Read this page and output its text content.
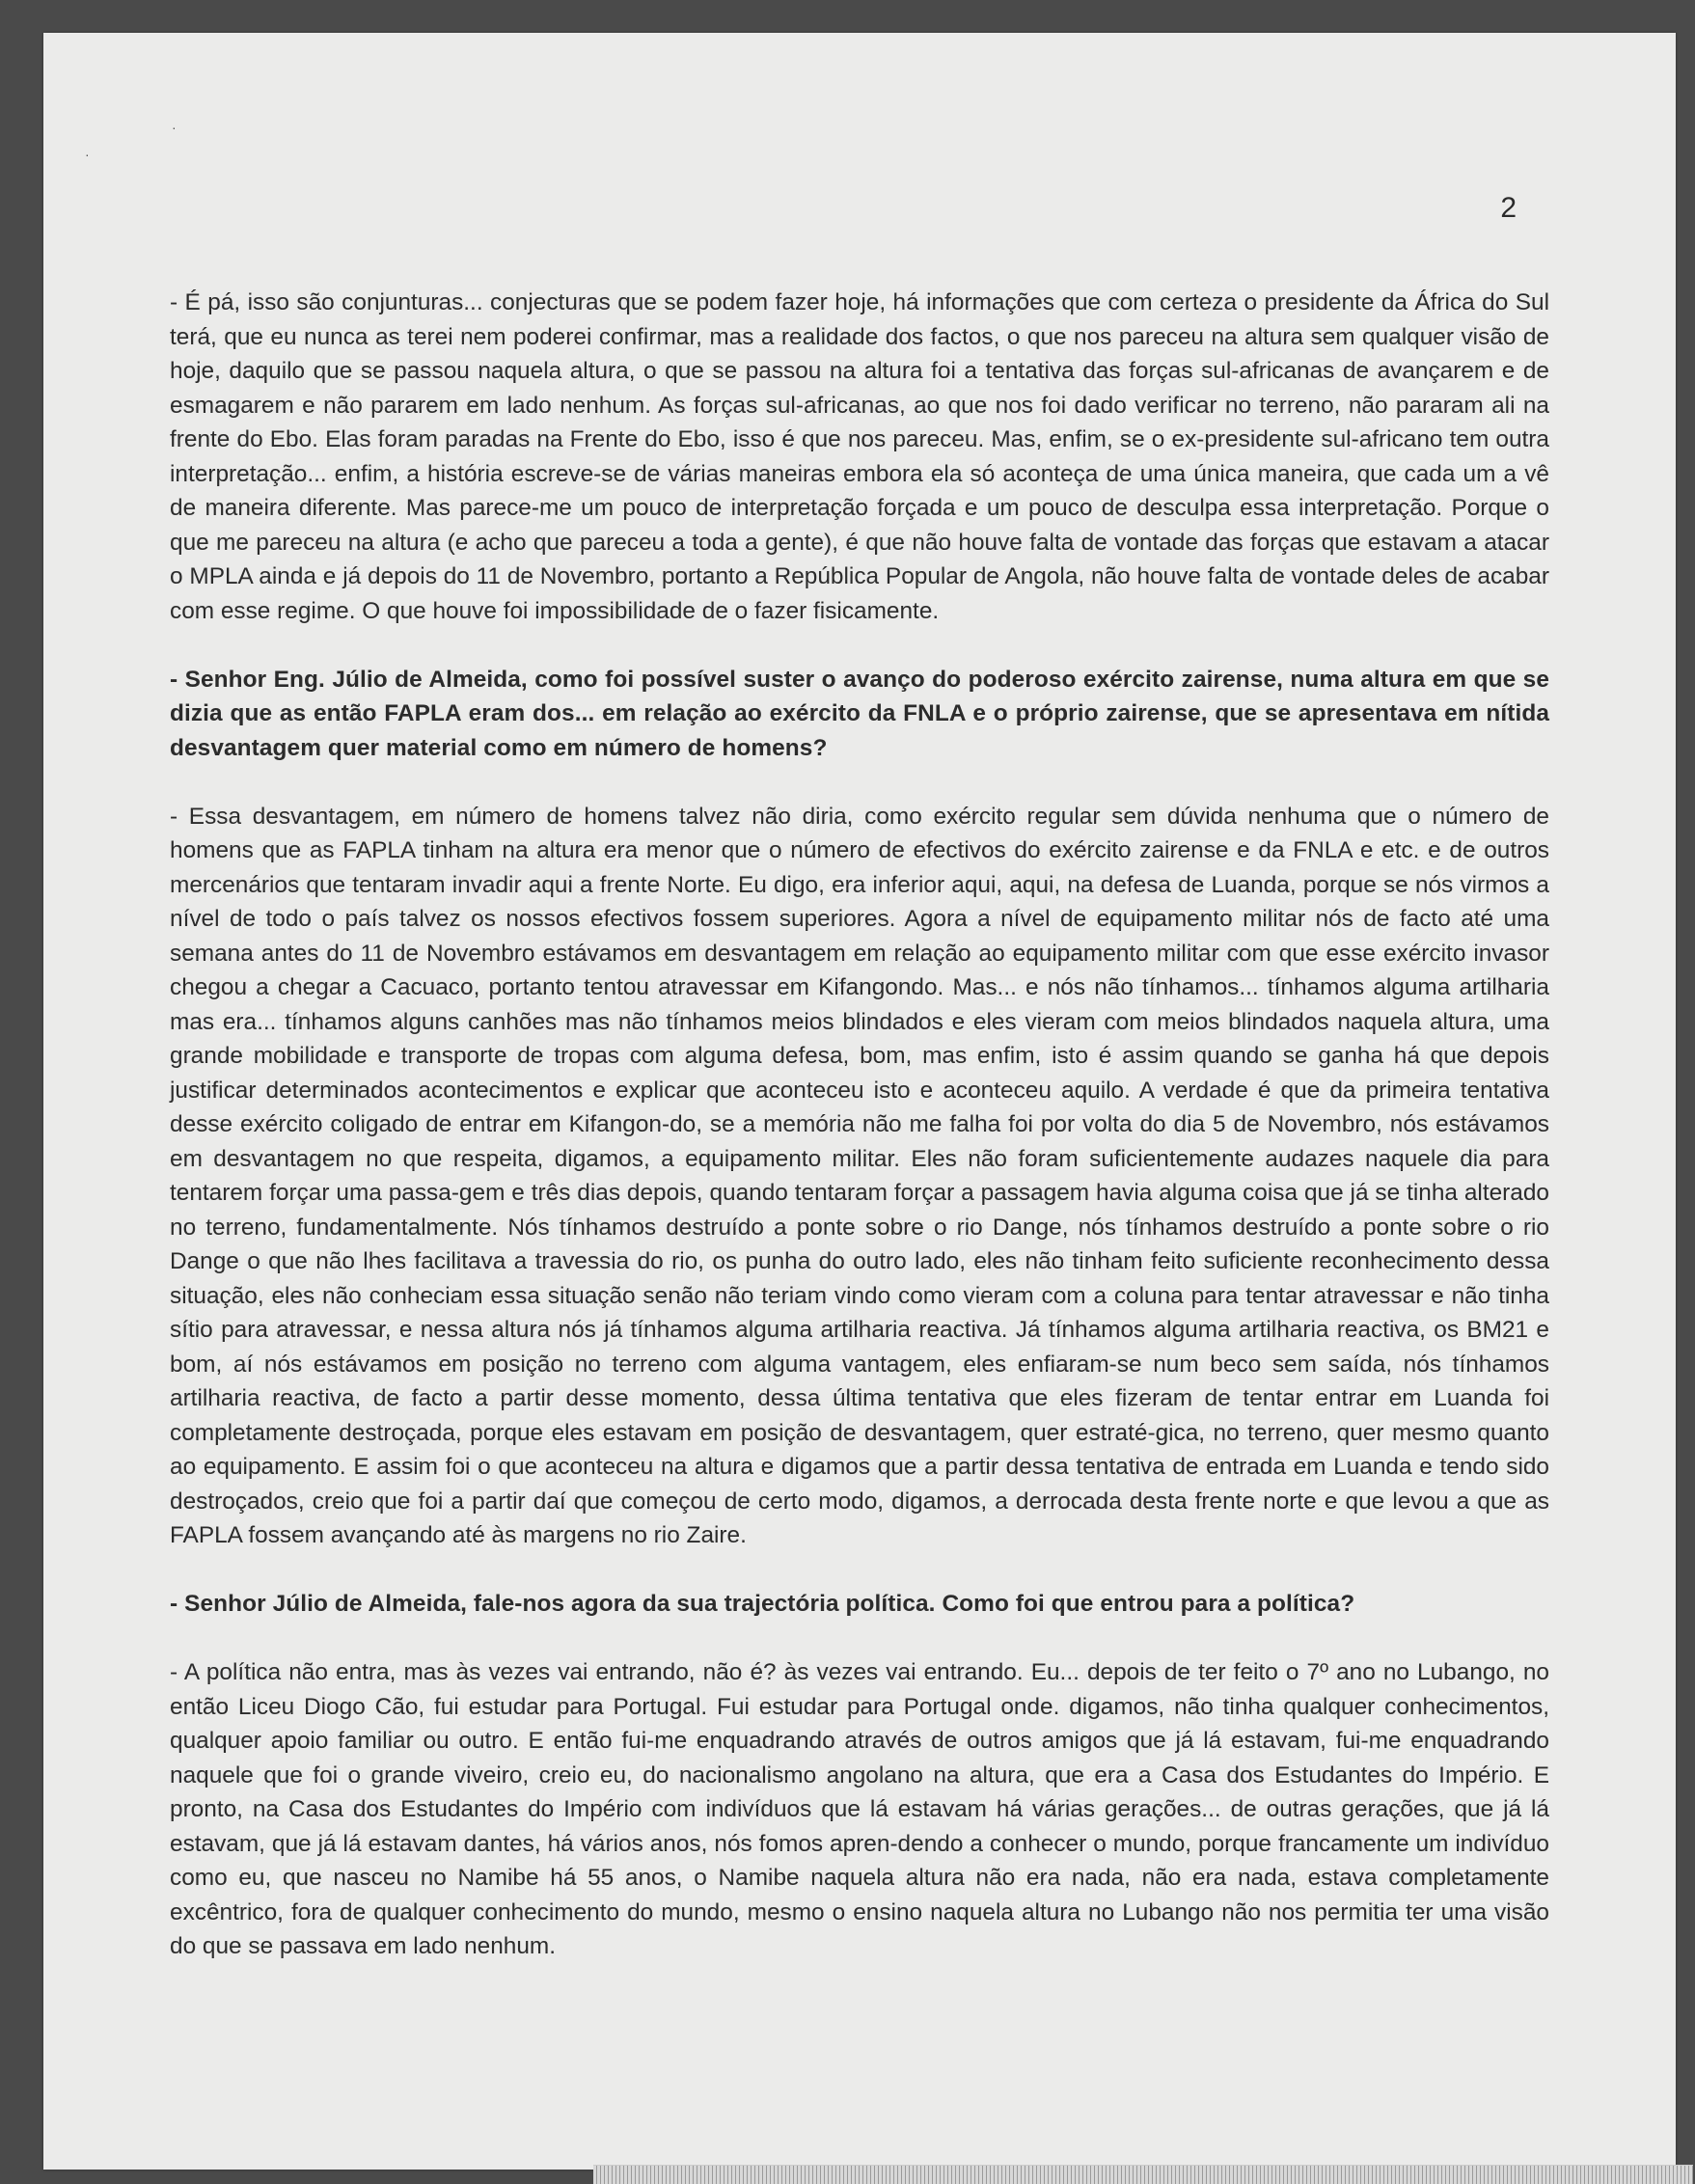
·
·
2

- É pá, isso são conjunturas... conjecturas que se podem fazer hoje, há informações que com certeza o presidente da África do Sul terá, que eu nunca as terei nem poderei confirmar, mas a realidade dos factos, o que nos pareceu na altura sem qualquer visão de hoje, daquilo que se passou naquela altura, o que se passou na altura foi a tentativa das forças sul-africanas de avançarem e de esmagarem e não pararem em lado nenhum. As forças sul-africanas, ao que nos foi dado verificar no terreno, não pararam ali na frente do Ebo. Elas foram paradas na Frente do Ebo, isso é que nos pareceu. Mas, enfim, se o ex-presidente sul-africano tem outra interpretação... enfim, a história escreve-se de várias maneiras embora ela só aconteça de uma única maneira, que cada um a vê de maneira diferente. Mas parece-me um pouco de interpretação forçada e um pouco de desculpa essa interpretação. Porque o que me pareceu na altura (e acho que pareceu a toda a gente), é que não houve falta de vontade das forças que estavam a atacar o MPLA ainda e já depois do 11 de Novembro, portanto a República Popular de Angola, não houve falta de vontade deles de acabar com esse regime. O que houve foi impossibilidade de o fazer fisicamente.

- Senhor Eng. Júlio de Almeida, como foi possível suster o avanço do poderoso exército zairense, numa altura em que se dizia que as então FAPLA eram dos... em relação ao exército da FNLA e o próprio zairense, que se apresentava em nítida desvantagem quer material como em número de homens?

- Essa desvantagem, em número de homens talvez não diria, como exército regular sem dúvida nenhuma que o número de homens que as FAPLA tinham na altura era menor que o número de efectivos do exército zairense e da FNLA e etc. e de outros mercenários que tentaram invadir aqui a frente Norte. Eu digo, era inferior aqui, aqui, na defesa de Luanda, porque se nós virmos a nível de todo o país talvez os nossos efectivos fossem superiores. Agora a nível de equipamento militar nós de facto até uma semana antes do 11 de Novembro estávamos em desvantagem em relação ao equipamento militar com que esse exército invasor chegou a chegar a Cacuaco, portanto tentou atravessar em Kifangondo. Mas... e nós não tínhamos... tínhamos alguma artilharia mas era... tínhamos alguns canhões mas não tínhamos meios blindados e eles vieram com meios blindados naquela altura, uma grande mobilidade e transporte de tropas com alguma defesa, bom, mas enfim, isto é assim quando se ganha há que depois justificar determinados acontecimentos e explicar que aconteceu isto e aconteceu aquilo. A verdade é que da primeira tentativa desse exército coligado de entrar em Kifangon-do, se a memória não me falha foi por volta do dia 5 de Novembro, nós estávamos em desvantagem no que respeita, digamos, a equipamento militar. Eles não foram suficientemente audazes naquele dia para tentarem forçar uma passa-gem e três dias depois, quando tentaram forçar a passagem havia alguma coisa que já se tinha alterado no terreno, fundamentalmente. Nós tínhamos destruído a ponte sobre o rio Dange, nós tínhamos destruído a ponte sobre o rio Dange o que não lhes facilitava a travessia do rio, os punha do outro lado, eles não tinham feito suficiente reconhecimento dessa situação, eles não conheciam essa situação senão não teriam vindo como vieram com a coluna para tentar atravessar e não tinha sítio para atravessar, e nessa altura nós já tínhamos alguma artilharia reactiva. Já tínhamos alguma artilharia reactiva, os BM21 e bom, aí nós estávamos em posição no terreno com alguma vantagem, eles enfiaram-se num beco sem saída, nós tínhamos artilharia reactiva, de facto a partir desse momento, dessa última tentativa que eles fizeram de tentar entrar em Luanda foi completamente destroçada, porque eles estavam em posição de desvantagem, quer estraté-gica, no terreno, quer mesmo quanto ao equipamento. E assim foi o que aconteceu na altura e digamos que a partir dessa tentativa de entrada em Luanda e tendo sido destroçados, creio que foi a partir daí que começou de certo modo, digamos, a derrocada desta frente norte e que levou a que as FAPLA fossem avançando até às margens no rio Zaire.

- Senhor Júlio de Almeida, fale-nos agora da sua trajectória política. Como foi que entrou para a política?

- A política não entra, mas às vezes vai entrando, não é? às vezes vai entrando. Eu... depois de ter feito o 7º ano no Lubango, no então Liceu Diogo Cão, fui estudar para Portugal. Fui estudar para Portugal onde. digamos, não tinha qualquer conhecimentos, qualquer apoio familiar ou outro. E então fui-me enquadrando através de outros amigos que já lá estavam, fui-me enquadrando naquele que foi o grande viveiro, creio eu, do nacionalismo angolano na altura, que era a Casa dos Estudantes do Império. E pronto, na Casa dos Estudantes do Império com indivíduos que lá estavam há várias gerações... de outras gerações, que já lá estavam, que já lá estavam dantes, há vários anos, nós fomos apren-dendo a conhecer o mundo, porque francamente um indivíduo como eu, que nasceu no Namibe há 55 anos, o Namibe naquela altura não era nada, não era nada, estava completamente excêntrico, fora de qualquer conhecimento do mundo, mesmo o ensino naquela altura no Lubango não nos permitia ter uma visão do que se passava em lado nenhum.
